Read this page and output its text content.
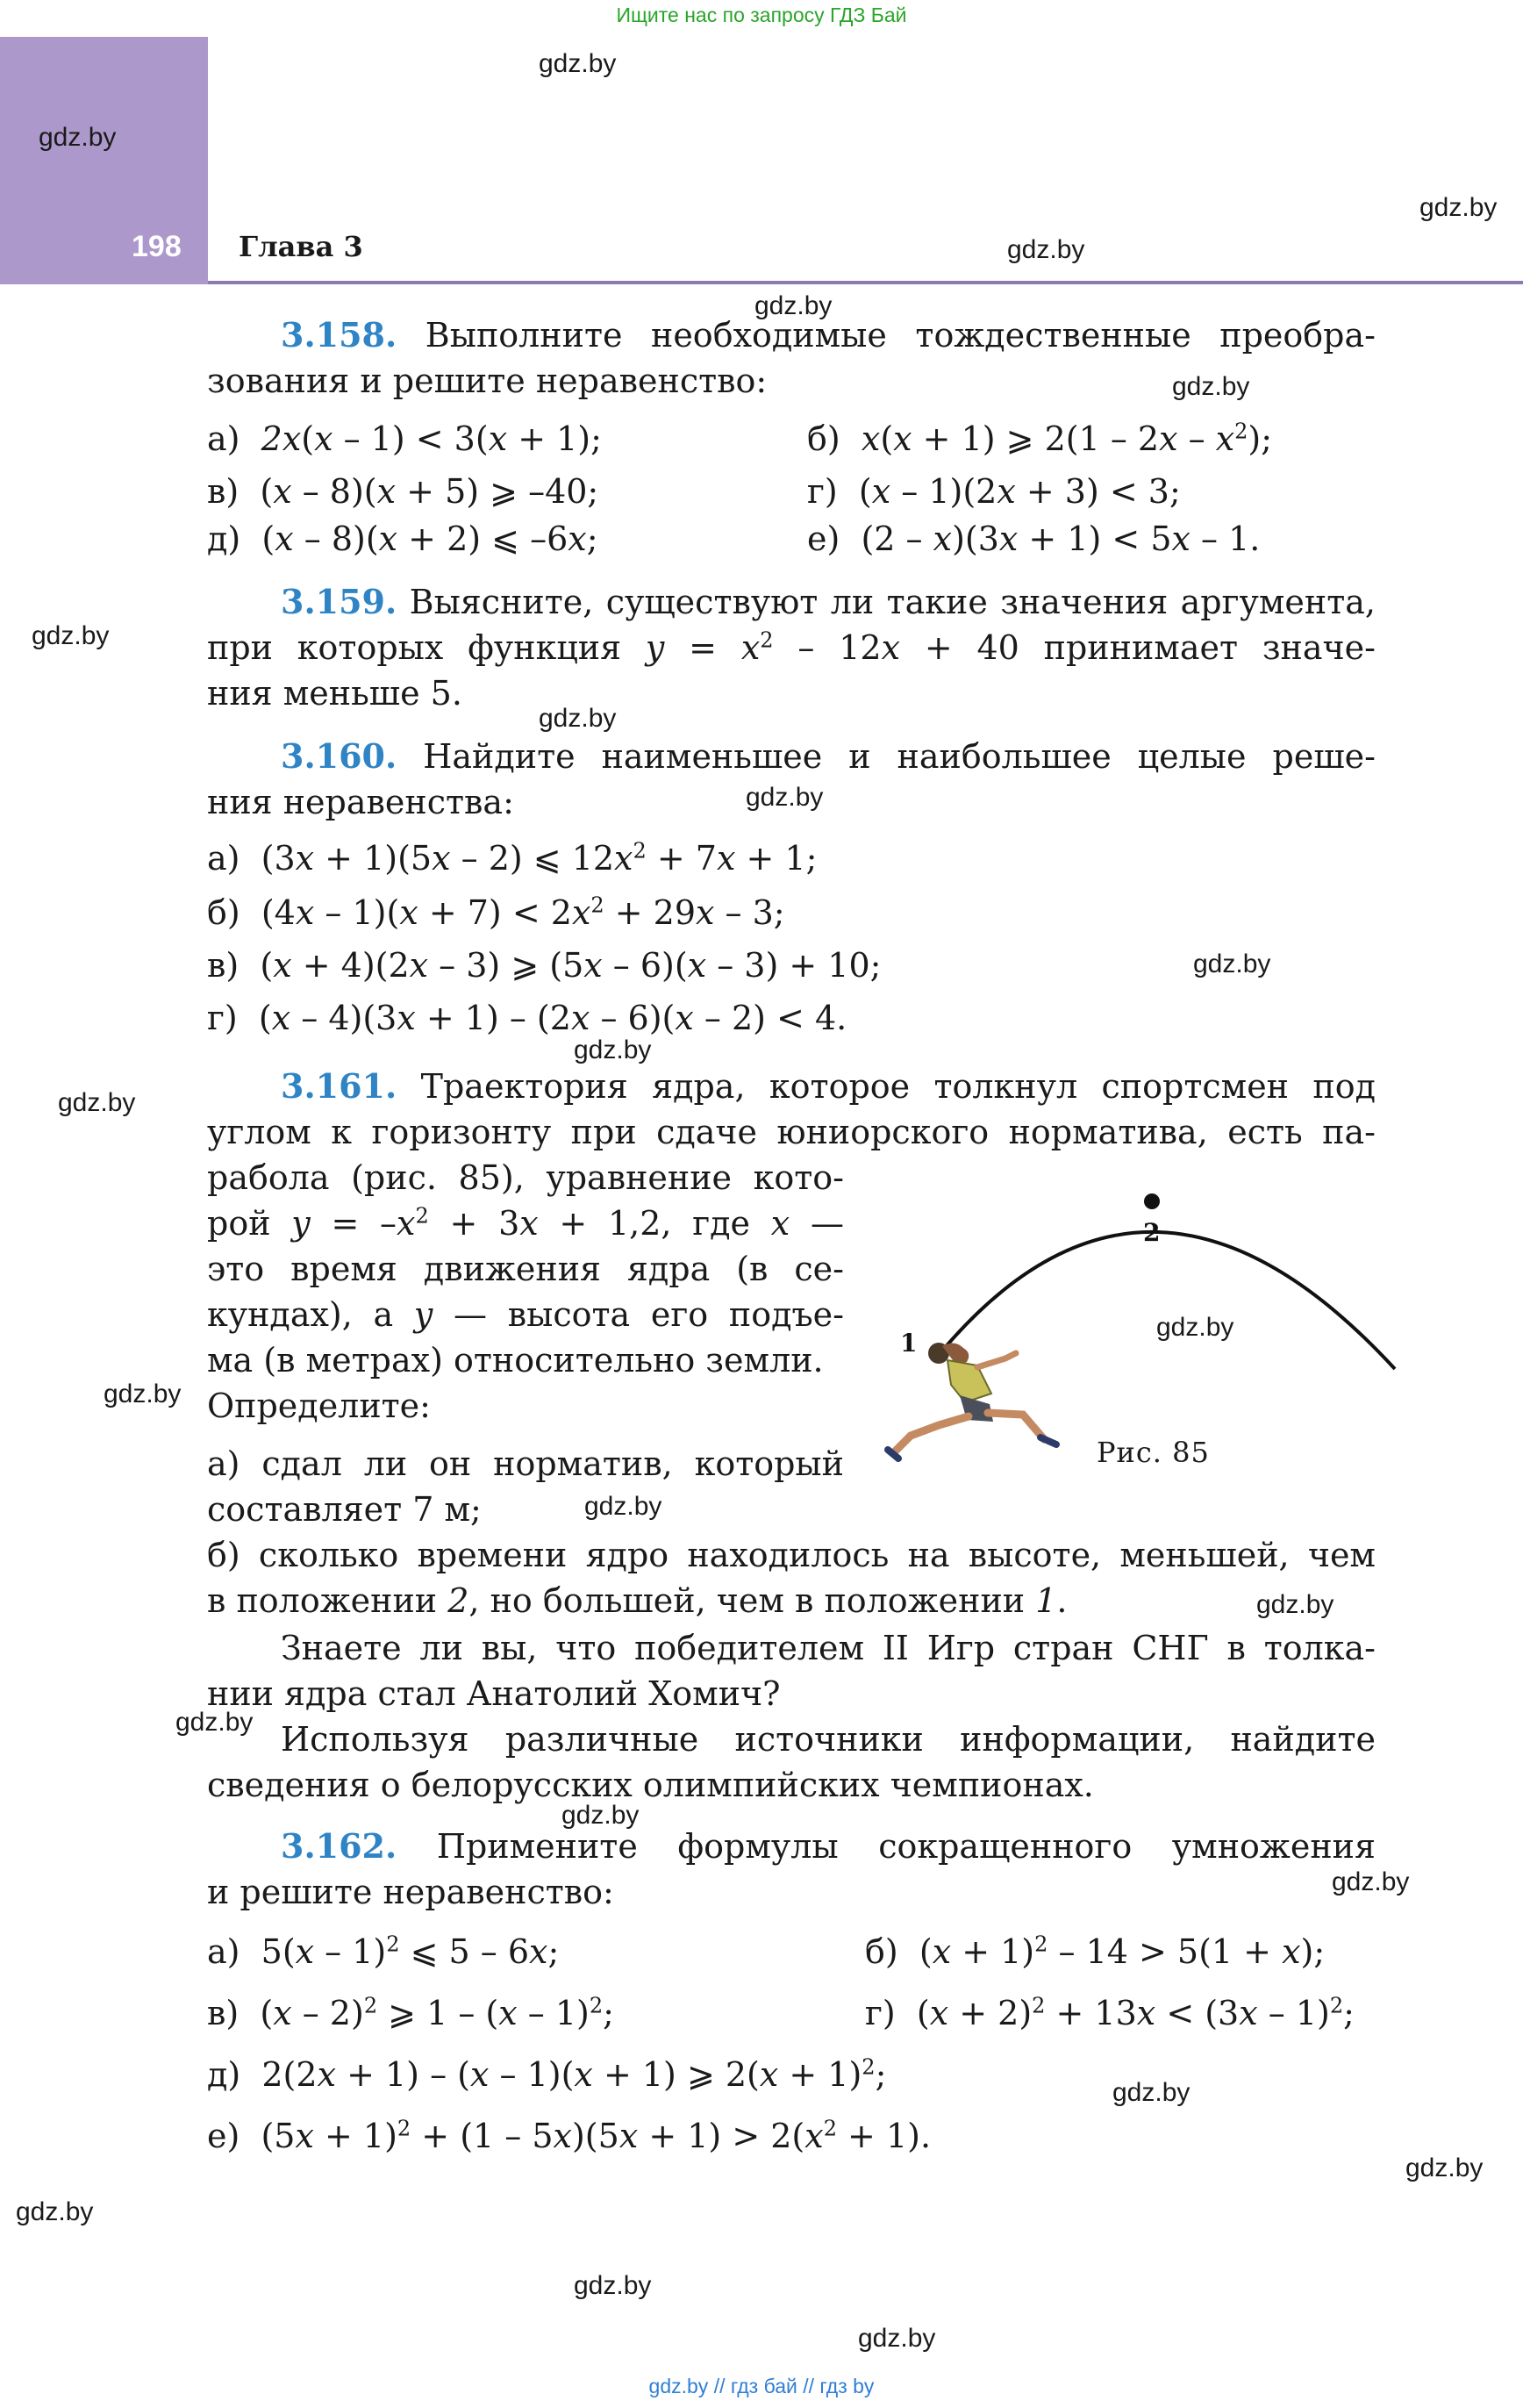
Ищите нас по запросу ГДЗ Бай
198 Глава 3
gdz.by
gdz.by
gdz.by
gdz.by
gdz.by
gdz.by
gdz.by
gdz.by
gdz.by
gdz.by
gdz.by
gdz.by
gdz.by
gdz.by
gdz.by
gdz.by
gdz.by
gdz.by
gdz.by
gdz.by
gdz.by
gdz.by
gdz.by
gdz.by
3.158. Выполните необходимые тождественные преобра-
зования и решите неравенство:
а)  2x(x – 1) < 3(x + 1);	б)  x(x + 1) ⩾ $2(1 - 2x - x^2)$;
в)  (x – 8)(x + 5) ⩾ –40;	г)  (x – 1)(2x + 3) < 3;
д)  (x – 8)(x + 2) ⩽ –6x;	е)  (2 – x)(3x + 1) < 5x – 1.
3.159. Выясните, существуют ли такие значения аргумента,
при которых функция $y = x^2 - 12x + 40$ принимает значе-
ния меньше 5.
3.160. Найдите наименьшее и наибольшее целые реше-
ния неравенства:
а)  (3x + 1)(5x – 2) ⩽ $12x^2 + 7x + 1$;
б)  $(4x - 1)(x + 7) < 2x^2 + 29x - 3$;
в)  (x + 4)(2x – 3) ⩾ (5x – 6)(x – 3) + 10;
г)  (x – 4)(3x + 1) – (2x – 6)(x – 2) < 4.
3.161. Траектория ядра, которое толкнул спортсмен под
углом к горизонту при сдаче юниорского норматива, есть па-
рабола (рис. 85), уравнение кото-
рой $y = -x^2 + 3x + 1,2$, где x —
это время движения ядра (в се-
кундах), а y — высота его подъе-
ма (в метрах) относительно земли.
Определите:
а) сдал ли он норматив, который
составляет 7 м;
б) сколько времени ядро находилось на высоте, меньшей, чем
в положении 2, но большей, чем в положении 1.
Знаете ли вы, что победителем II Игр стран СНГ в толка-
нии ядра стал Анатолий Хомич?
Используя различные источники информации, найдите
сведения о белорусских олимпийских чемпионах.
2
1
Рис. 85
3.162. Примените формулы сокращенного умножения
и решите неравенство:
а)  5(x – 1)$^2$ ⩽ 5 – 6x;	б)  $(x + 1)^2 - 14 > 5(1 + x)$;
в)  (x – 2)$^2$ ⩾ 1 – (x – 1)$^2$;	г)  $(x + 2)^2 + 13x < (3x - 1)^2$;
д)  2(2x + 1) – (x – 1)(x + 1) ⩾ $2(x + 1)^2$;
е)  $(5x + 1)^2 + (1 - 5x)(5x + 1) > 2(x^2 + 1)$.
gdz.by // гдз бай // гдз by
